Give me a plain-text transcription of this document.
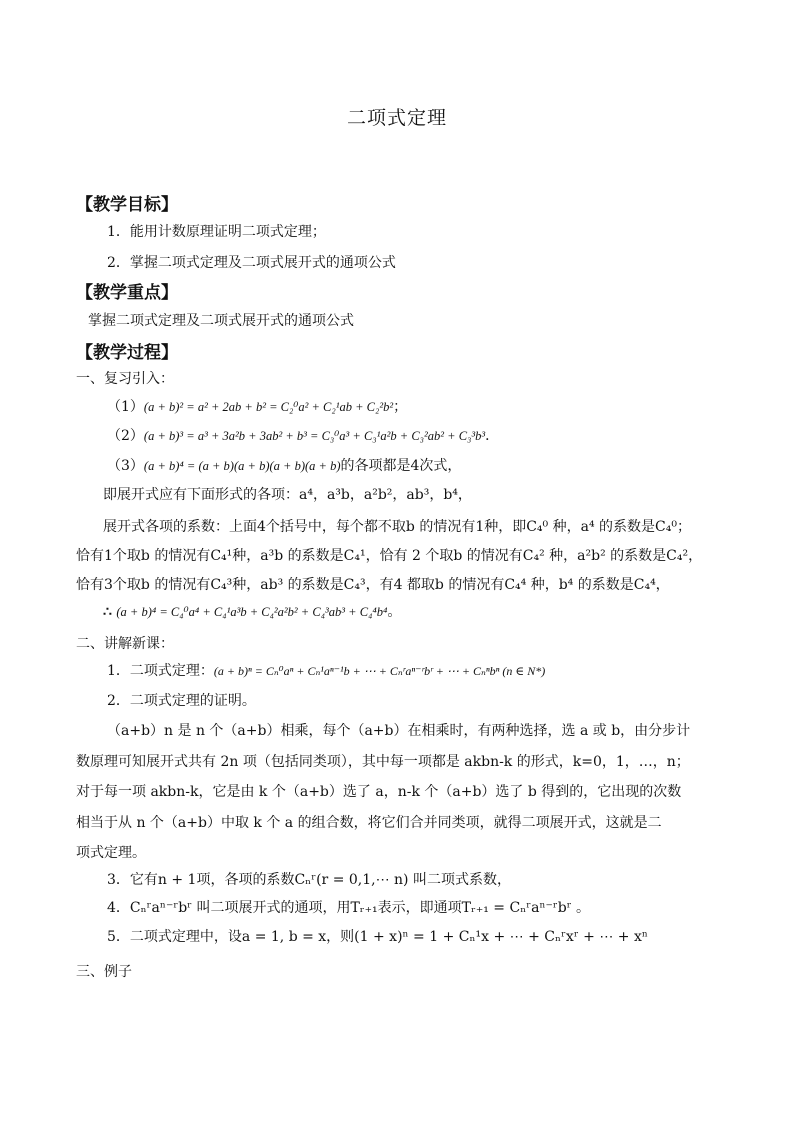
二项式定理
【教学目标】
1．能用计数原理证明二项式定理；
2．掌握二项式定理及二项式展开式的通项公式
【教学重点】
掌握二项式定理及二项式展开式的通项公式
【教学过程】
一、复习引入：
（1）(a + b)² = a² + 2ab + b² = C₂⁰a² + C₂¹ab + C₂²b²；
（2）(a + b)³ = a³ + 3a²b + 3ab² + b³ = C₃⁰a³ + C₃¹a²b + C₃²ab² + C₃³b³．
（3）(a + b)⁴ = (a + b)(a + b)(a + b)(a + b)的各项都是4次式，
即展开式应有下面形式的各项：a⁴，a³b，a²b²，ab³，b⁴，
展开式各项的系数：上面4个括号中，每个都不取b 的情况有1种，即C₄⁰ 种，a⁴ 的系数是C₄⁰；
恰有1个取b 的情况有C₄¹种，a³b 的系数是C₄¹，恰有 2 个取b 的情况有C₄² 种，a²b² 的系数是C₄²，
恰有3个取b 的情况有C₄³种，ab³ 的系数是C₄³，有4 都取b 的情况有C₄⁴ 种，b⁴ 的系数是C₄⁴，
∴ (a + b)⁴ = C₄⁰a⁴ + C₄¹a³b + C₄²a²b² + C₄³ab³ + C₄⁴b⁴。
二、讲解新课：
1．二项式定理：(a + b)ⁿ = Cₙ⁰aⁿ + Cₙ¹aⁿ⁻¹b + ⋯ + Cₙʳaⁿ⁻ʳbʳ + ⋯ + Cₙⁿbⁿ (n ∈ N*)
2．二项式定理的证明。
（a+b）n 是 n 个（a+b）相乘，每个（a+b）在相乘时，有两种选择，选 a 或 b，由分步计
数原理可知展开式共有 2n 项（包括同类项），其中每一项都是 akbn-k 的形式，k=0，1，…，n；
对于每一项 akbn-k，它是由 k 个（a+b）选了 a，n-k 个（a+b）选了 b 得到的，它出现的次数
相当于从 n 个（a+b）中取 k 个 a 的组合数，将它们合并同类项，就得二项展开式，这就是二
项式定理。
3．它有n + 1项，各项的系数Cₙʳ(r = 0,1,⋯ n) 叫二项式系数，
4．Cₙʳaⁿ⁻ʳbʳ 叫二项展开式的通项，用Tᵣ₊₁表示，即通项Tᵣ₊₁ = Cₙʳaⁿ⁻ʳbʳ 。
5．二项式定理中，设a = 1, b = x，则(1 + x)ⁿ = 1 + Cₙ¹x + ⋯ + Cₙʳxʳ + ⋯ + xⁿ
三、例子
